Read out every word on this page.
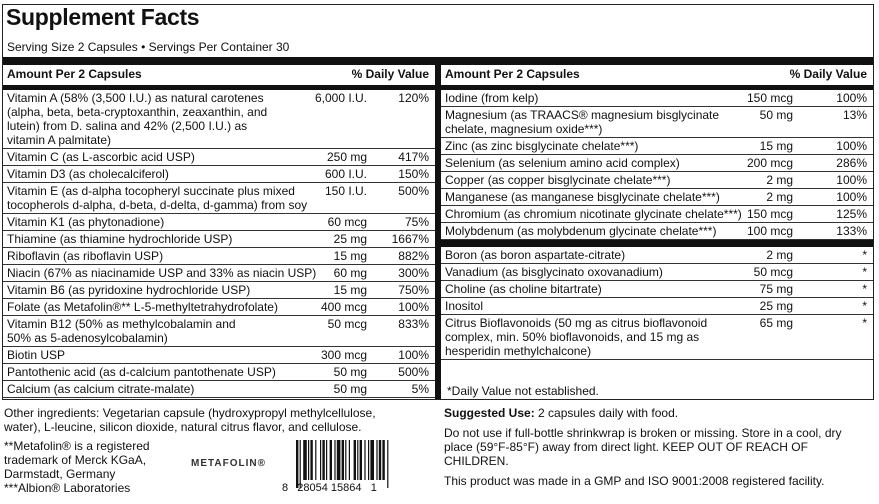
Supplement Facts
Serving Size 2 Capsules • Servings Per Container 30
Amount Per 2 Capsules	% Daily Value
Vitamin A (58% (3,500 I.U.) as natural carotenes
(alpha, beta, beta-cryptoxanthin, zeaxanthin, and
lutein) from D. salina and 42% (2,500 I.U.) as
vitamin A palmitate)
6,000 I.U.	120%
Vitamin C (as L-ascorbic acid USP)	250 mg	417%
Vitamin D3 (as cholecalciferol)	600 I.U.	150%
Vitamin E (as d-alpha tocopheryl succinate plus mixed
tocopherols d-alpha, d-beta, d-delta, d-gamma) from soy
150 I.U.	500%
Vitamin K1 (as phytonadione)	60 mcg	75%
Thiamine (as thiamine hydrochloride USP)	25 mg 1667%
Riboflavin (as riboflavin USP)	15 mg	882%
Niacin (67% as niacinamide USP and 33% as niacin USP) 60 mg	300%
Vitamin B6 (as pyridoxine hydrochloride USP)	15 mg	750%
Folate (as Metafolin®** L-5-methyltetrahydrofolate)	400 mcg	100%
Vitamin B12 (50% as methylcobalamin and
50% as 5-adenosylcobalamin)
50 mcg	833%
Biotin USP	300 mcg	100%
Pantothenic acid (as d-calcium pantothenate USP)	50 mg	500%
Calcium (as calcium citrate-malate)	50 mg	5%
Amount Per 2 Capsules	% Daily Value
Iodine (from kelp)	150 mcg	100%
Magnesium (as TRAACS® magnesium bisglycinate
chelate, magnesium oxide***)
50 mg	13%
Zinc (as zinc bisglycinate chelate***)	15 mg	100%
Selenium (as selenium amino acid complex)	200 mcg	286%
Copper (as copper bisglycinate chelate***)	2 mg	100%
Manganese (as manganese bisglycinate chelate***)	2 mg	100%
Chromium (as chromium nicotinate glycinate chelate***) 150 mcg	125%
Molybdenum (as molybdenum glycinate chelate***)	100 mcg	133%
Boron (as boron aspartate-citrate)	2 mg	*
Vanadium (as bisglycinato oxovanadium)	50 mcg	*
Choline (as choline bitartrate)	75 mg	*
Inositol	25 mg	*
Citrus Bioflavonoids (50 mg as citrus bioflavonoid
complex, min. 50% bioflavonoids, and 15 mg as
hesperidin methylchalcone)
65 mg	*
*Daily Value not established.
Other ingredients: Vegetarian capsule (hydroxypropyl methylcellulose,
water), L-leucine, silicon dioxide, natural citrus flavor, and cellulose.
**Metafolin® is a registered
trademark of Merck KGaA,
Darmstadt, Germany
***Albion® Laboratories
METAFOLIN®
8   28054 15864   1

Suggested Use: 2 capsules daily with food.

Do not use if full-bottle shrinkwrap is broken or missing. Store in a cool, dry
place (59°F-85°F) away from direct light. KEEP OUT OF REACH OF
CHILDREN.

This product was made in a GMP and ISO 9001:2008 registered facility.
